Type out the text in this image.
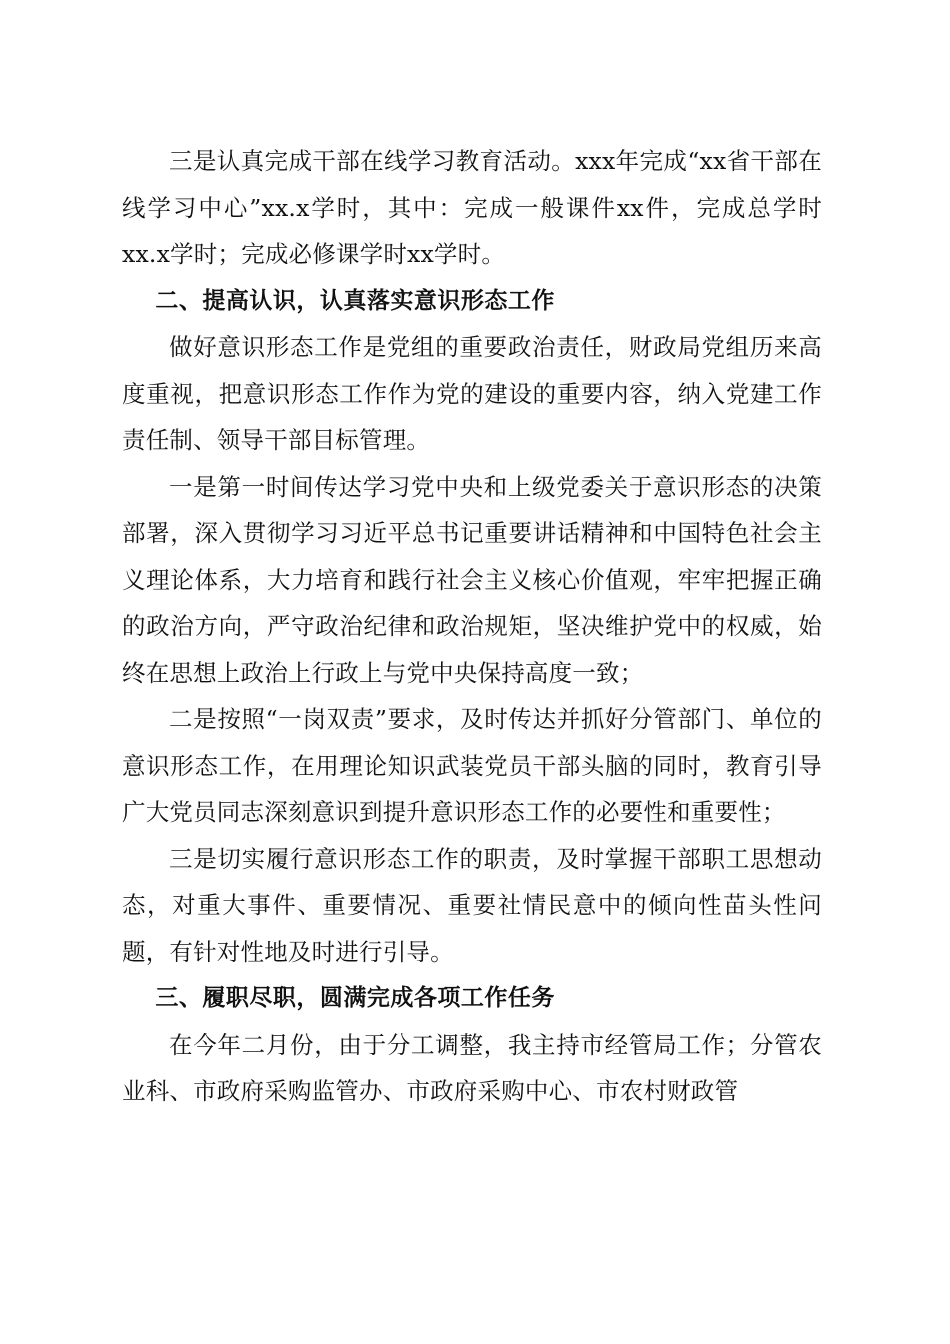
三是认真完成干部在线学习教育活动。xxx年完成“xx省干部在线学习中心”xx.x学时，其中：完成一般课件xx件，完成总学时xx.x学时；完成必修课学时xx学时。

二、提高认识，认真落实意识形态工作

做好意识形态工作是党组的重要政治责任，财政局党组历来高度重视，把意识形态工作作为党的建设的重要内容，纳入党建工作责任制、领导干部目标管理。

一是第一时间传达学习党中央和上级党委关于意识形态的决策部署，深入贯彻学习习近平总书记重要讲话精神和中国特色社会主义理论体系，大力培育和践行社会主义核心价值观，牢牢把握正确的政治方向，严守政治纪律和政治规矩，坚决维护党中的权威，始终在思想上政治上行政上与党中央保持高度一致；

二是按照“一岗双责”要求，及时传达并抓好分管部门、单位的意识形态工作，在用理论知识武装党员干部头脑的同时，教育引导广大党员同志深刻意识到提升意识形态工作的必要性和重要性；

三是切实履行意识形态工作的职责，及时掌握干部职工思想动态，对重大事件、重要情况、重要社情民意中的倾向性苗头性问题，有针对性地及时进行引导。

三、履职尽职，圆满完成各项工作任务

在今年二月份，由于分工调整，我主持市经管局工作；分管农业科、市政府采购监管办、市政府采购中心、市农村财政管
